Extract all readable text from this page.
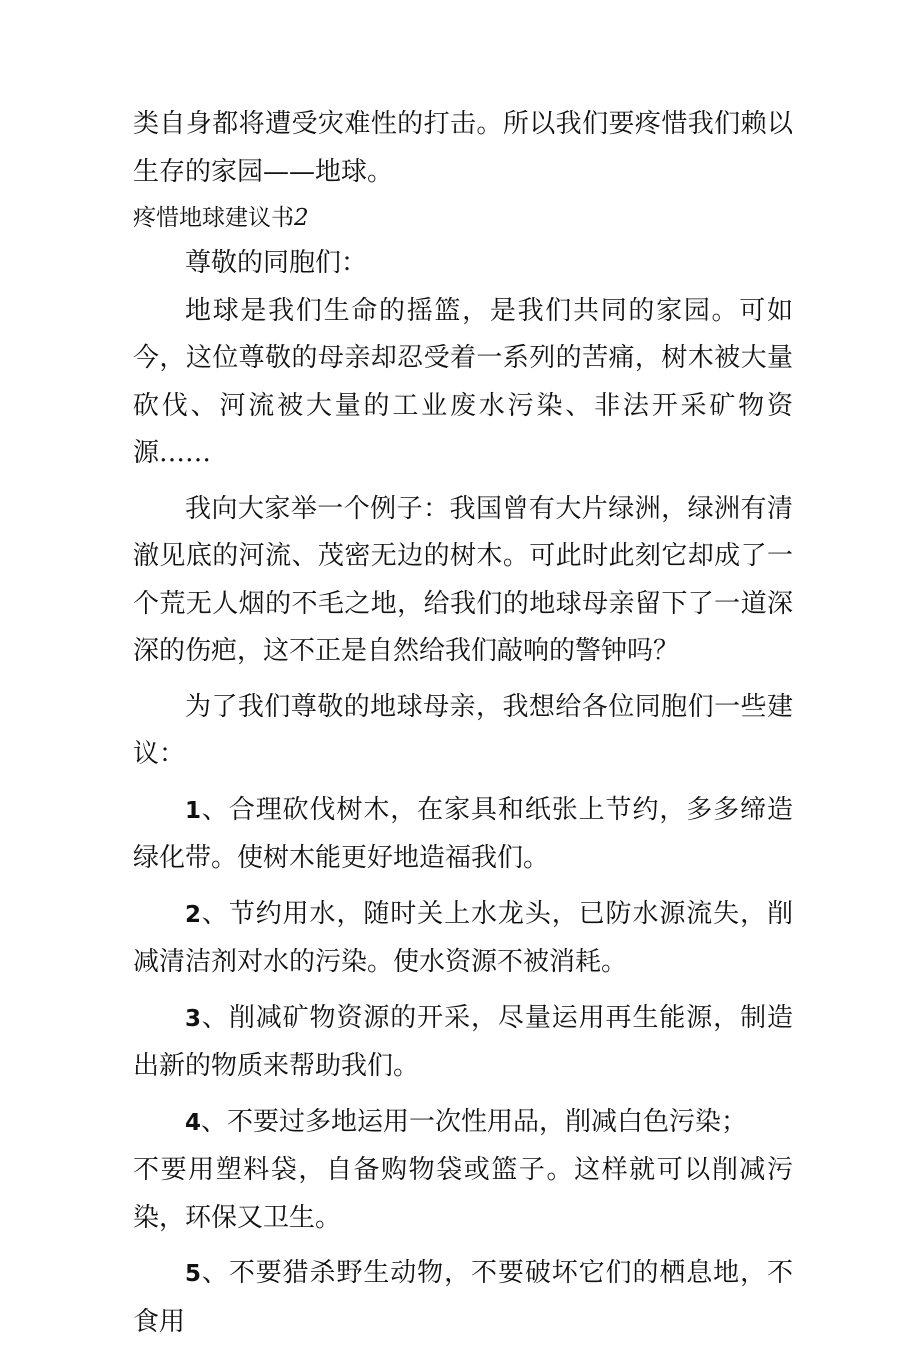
类自身都将遭受灾难性的打击。所以我们要疼惜我们赖以生存的家园——地球。

疼惜地球建议书2

尊敬的同胞们：

地球是我们生命的摇篮，是我们共同的家园。可如今，这位尊敬的母亲却忍受着一系列的苦痛，树木被大量砍伐、河流被大量的工业废水污染、非法开采矿物资源……

我向大家举一个例子：我国曾有大片绿洲，绿洲有清澈见底的河流、茂密无边的树木。可此时此刻它却成了一个荒无人烟的不毛之地，给我们的地球母亲留下了一道深深的伤疤，这不正是自然给我们敲响的警钟吗？

为了我们尊敬的地球母亲，我想给各位同胞们一些建议：

1、合理砍伐树木，在家具和纸张上节约，多多缔造绿化带。使树木能更好地造福我们。

2、节约用水，随时关上水龙头，已防水源流失，削减清洁剂对水的污染。使水资源不被消耗。

3、削减矿物资源的开采，尽量运用再生能源，制造出新的物质来帮助我们。

4、不要过多地运用一次性用品，削减白色污染；

不要用塑料袋，自备购物袋或篮子。这样就可以削减污染，环保又卫生。

5、不要猎杀野生动物，不要破坏它们的栖息地，不食用
